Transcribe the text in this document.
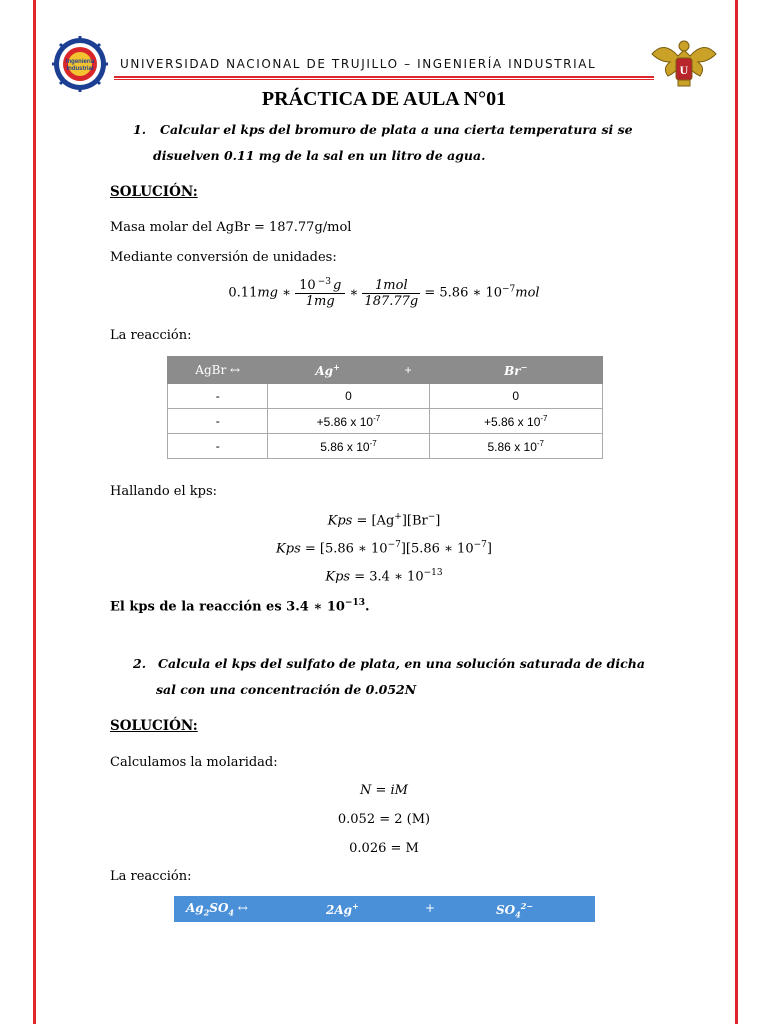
Ingeniería
Industrial UNIVERSIDAD NACIONAL DE TRUJILLO – INGENIERÍA INDUSTRIAL	U
PRÁCTICA DE AULA N°01
1. Calcular el kps del bromuro de plata a una cierta temperatura si se
disuelven 0.11 mg de la sal en un litro de agua.
SOLUCIÓN:
Masa molar del AgBr = 187.77g/mol
Mediante conversión de unidades:
0.11mg ∗ $\frac{10 ^{-3} g}{1mg}$ ∗ $\frac{\text{1mol}}{187.77g} = 5.86$ ∗ $10^{-7}mol$
La reacción:
AgBr ↔	Ag+	+	Br−
-	0		0
-	+5.86 x $10^{-7}$		+5.86 x $10^{-7}$
-	5.86 x $10^{-7}$		5.86 x $10^{-7}$
Hallando el kps:
Kps = [Ag+][Br−]
Kps = [5.86 ∗ $10^{-7}][5.86$ ∗ $10^{-7}$]
Kps = 3.4 ∗ $10^{-13}$
El kps de la reacción es 3.4 ∗ $10^{-13}$.
2. Calcula el kps del sulfato de plata, en una solución saturada de dicha
sal con una concentración de 0.052N
SOLUCIÓN:
Calculamos la molaridad:
N = iM
0.052 = 2 (M)
0.026 = M
La reacción:
$Ag_2SO_4$ ↔	2Ag+	+	$SO_4^{2-}$
